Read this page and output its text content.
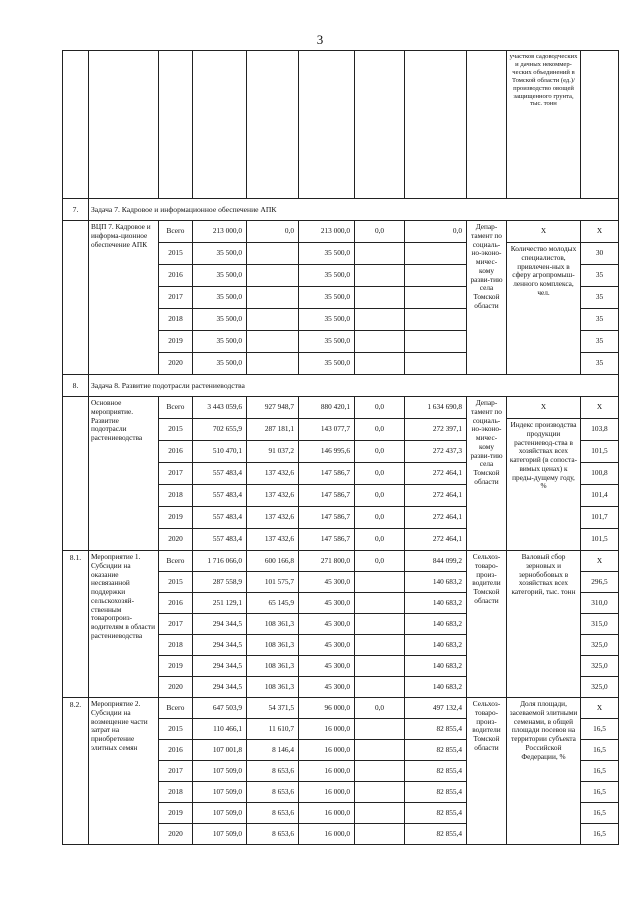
3
									участков садоводческих и дачных некоммер-ческих объединений в Томской области (ед.)/ производство овощей защищенного грунта, тыс. тонн	
7.	Задача 7. Кадровое и информационное обеспечение АПК									
	ВЦП 7. Кадровое и информа-ционное обеспечение АПК	Всего	213 000,0	0,0	213 000,0	0,0	0,0	Депар-тамент по социаль-но-эконо-мичес-кому разви-тию села Томской области	X	X
		2015	35 500,0		35 500,0				Количество молодых специалистов, привлечен-ных в сферу агропромыш-ленного комплекса, чел.	30
		2016	35 500,0		35 500,0					35
		2017	35 500,0		35 500,0					35
		2018	35 500,0		35 500,0					35
		2019	35 500,0		35 500,0					35
		2020	35 500,0		35 500,0					35
8.	Задача 8. Развитие подотрасли растениеводства									
	Основное мероприятие. Развитие подотрасли растениеводства	Всего	3 443 059,6	927 948,7	880 420,1	0,0	1 634 690,8	Депар-тамент по социаль-но-эконо-мичес-кому разви-тию села Томской области	X	X
		2015	702 655,9	287 181,1	143 077,7	0,0	272 397,1		Индекс производства продукции растениевод-ства в хозяйствах всех категорий (в сопоста-вимых ценах) к преды-дущему году, %	103,8
		2016	510 470,1	91 037,2	146 995,6	0,0	272 437,3			101,5
		2017	557 483,4	137 432,6	147 586,7	0,0	272 464,1			100,8
		2018	557 483,4	137 432,6	147 586,7	0,0	272 464,1			101,4
		2019	557 483,4	137 432,6	147 586,7	0,0	272 464,1			101,7
		2020	557 483,4	137 432,6	147 586,7	0,0	272 464,1			101,5
8.1.	Мероприятие 1. Субсидии на оказание несвязанной поддержки сельскохозяй-ственным товаропроиз-водителям в области растениеводства	Всего	1 716 066,0	600 166,8	271 800,0	0,0	844 099,2	Сельхоз-товаро-произ-водители Томской области	Валовый сбор зерновых и зернобобовых в хозяйствах всех категорий, тыс. тонн	X
		2015	287 558,9	101 575,7	45 300,0		140 683,2			296,5
		2016	251 129,1	65 145,9	45 300,0		140 683,2			310,0
		2017	294 344,5	108 361,3	45 300,0		140 683,2			315,0
		2018	294 344,5	108 361,3	45 300,0		140 683,2			325,0
		2019	294 344,5	108 361,3	45 300,0		140 683,2			325,0
		2020	294 344,5	108 361,3	45 300,0		140 683,2			325,0
8.2.	Мероприятие 2. Субсидии на возмещение части затрат на приобретение элитных семян	Всего	647 503,9	54 371,5	96 000,0	0,0	497 132,4	Сельхоз-товаро-произ-водители Томской области	Доля площади, засеваемой элитными семенами, в общей площади посевов на территории субъекта Российской Федерации, %	X
		2015	110 466,1	11 610,7	16 000,0		82 855,4			16,5
		2016	107 001,8	8 146,4	16 000,0		82 855,4			16,5
		2017	107 509,0	8 653,6	16 000,0		82 855,4			16,5
		2018	107 509,0	8 653,6	16 000,0		82 855,4			16,5
		2019	107 509,0	8 653,6	16 000,0		82 855,4			16,5
		2020	107 509,0	8 653,6	16 000,0		82 855,4			16,5
